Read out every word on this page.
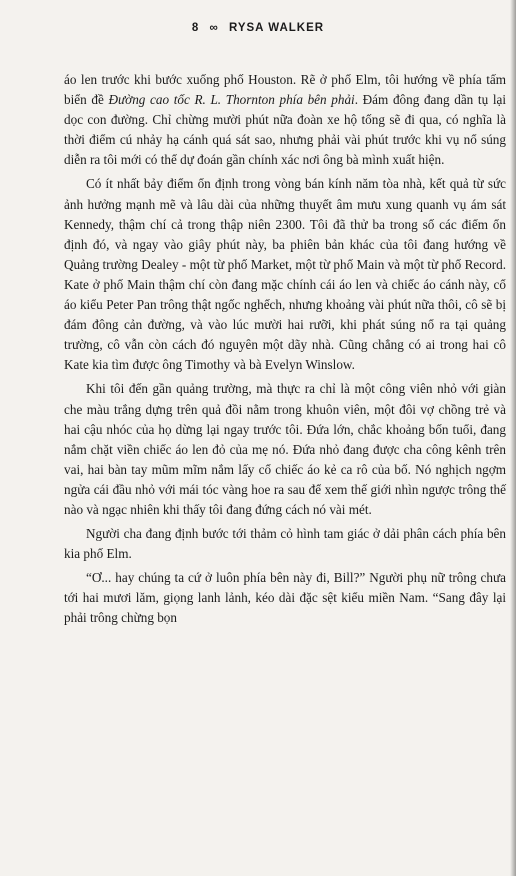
8 ∞ RYSA WALKER

áo len trước khi bước xuống phố Houston. Rẽ ở phố Elm, tôi hướng về phía tấm biển đề Đường cao tốc R. L. Thornton phía bên phải. Đám đông đang dần tụ lại dọc con đường. Chỉ chừng mười phút nữa đoàn xe hộ tống sẽ đi qua, có nghĩa là thời điểm cú nhảy hạ cánh quá sát sao, nhưng phải vài phút trước khi vụ nổ súng diễn ra tôi mới có thể dự đoán gần chính xác nơi ông bà mình xuất hiện.

Có ít nhất bảy điểm ổn định trong vòng bán kính năm tòa nhà, kết quả từ sức ảnh hưởng mạnh mẽ và lâu dài của những thuyết âm mưu xung quanh vụ ám sát Kennedy, thậm chí cả trong thập niên 2300. Tôi đã thử ba trong số các điểm ổn định đó, và ngay vào giây phút này, ba phiên bản khác của tôi đang hướng về Quảng trường Dealey - một từ phố Market, một từ phố Main và một từ phố Record. Kate ở phố Main thậm chí còn đang mặc chính cái áo len và chiếc áo cánh này, cổ áo kiểu Peter Pan trông thật ngốc nghếch, nhưng khoảng vài phút nữa thôi, cô sẽ bị đám đông cản đường, và vào lúc mười hai rưỡi, khi phát súng nổ ra tại quảng trường, cô vẫn còn cách đó nguyên một dãy nhà. Cũng chẳng có ai trong hai cô Kate kia tìm được ông Timothy và bà Evelyn Winslow.

Khi tôi đến gần quảng trường, mà thực ra chỉ là một công viên nhỏ với giàn che màu trắng dựng trên quả đồi nằm trong khuôn viên, một đôi vợ chồng trẻ và hai cậu nhóc của họ dừng lại ngay trước tôi. Đứa lớn, chắc khoảng bốn tuổi, đang nắm chặt viền chiếc áo len đỏ của mẹ nó. Đứa nhỏ đang được cha công kênh trên vai, hai bàn tay mũm mĩm nắm lấy cổ chiếc áo kẻ ca rô của bố. Nó nghịch ngợm ngửa cái đầu nhỏ với mái tóc vàng hoe ra sau để xem thế giới nhìn ngược trông thế nào và ngạc nhiên khi thấy tôi đang đứng cách nó vài mét.

Người cha đang định bước tới thảm cỏ hình tam giác ở dải phân cách phía bên kia phố Elm.

“Ơ... hay chúng ta cứ ở luôn phía bên này đi, Bill?” Người phụ nữ trông chưa tới hai mươi lăm, giọng lanh lảnh, kéo dài đặc sệt kiểu miền Nam. “Sang đây lại phải trông chừng bọn
